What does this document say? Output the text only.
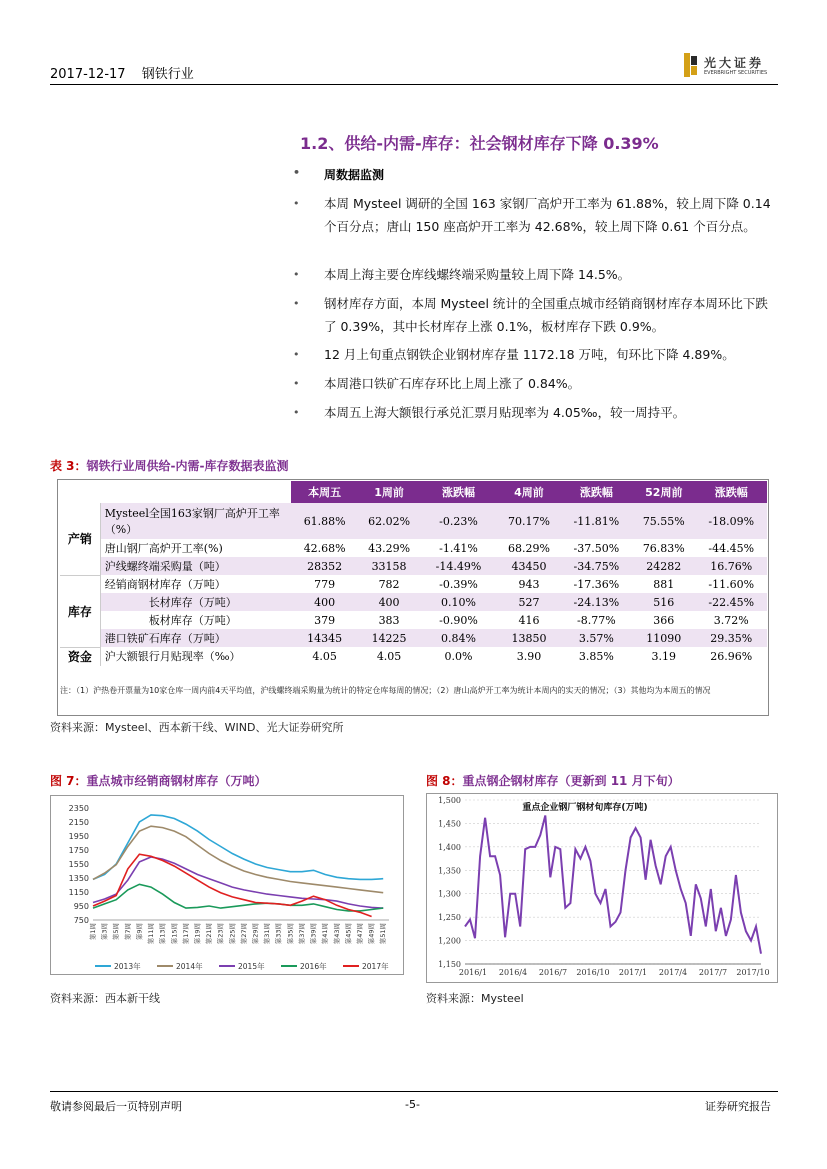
2017-12-17 钢铁行业
光大证券
EVERBRIGHT SECURITIES
1.2、供给-内需-库存：社会钢材库存下降 0.39%
• 周数据监测
• 本周 Mysteel 调研的全国 163 家钢厂高炉开工率为 61.88%，较上周下降 0.14 个百分点；唐山 150 座高炉开工率为 42.68%，较上周下降 0.61 个百分点。
• 本周上海主要仓库线螺终端采购量较上周下降 14.5%。
• 钢材库存方面，本周 Mysteel 统计的全国重点城市经销商钢材库存本周环比下跌了 0.39%，其中长材库存上涨 0.1%，板材库存下跌 0.9%。
• 12 月上旬重点钢铁企业钢材库存量 1172.18 万吨，旬环比下降 4.89%。
• 本周港口铁矿石库存环比上周上涨了 0.84%。
• 本周五上海大额银行承兑汇票月贴现率为 4.05‰，较一周持平。
表 3：钢铁行业周供给-内需-库存数据表监测
		本周五	1周前	涨跌幅	4周前	涨跌幅	52周前	涨跌幅
产销	Mysteel全国163家钢厂高炉开工率（%）	61.88%	62.02%	-0.23%	70.17%	-11.81%	75.55%	-18.09%
	唐山钢厂高炉开工率(%)	42.68%	43.29%	-1.41%	68.29%	-37.50%	76.83%	-44.45%
	沪线螺终端采购量（吨）	28352	33158	-14.49%	43450	-34.75%	24282	16.76%
库存	经销商钢材库存（万吨）	779	782	-0.39%	943	-17.36%	881	-11.60%
	长材库存（万吨）	400	400	0.10%	527	-24.13%	516	-22.45%
	板材库存（万吨）	379	383	-0.90%	416	-8.77%	366	3.72%
	港口铁矿石库存（万吨）	14345	14225	0.84%	13850	3.57%	11090	29.35%
资金	沪大额银行月贴现率（‰）	4.05	4.05	0.0%	3.90	3.85%	3.19	26.96%
注：（1）沪热卷开票量为10家仓库一周内前4天平均值，沪线螺终端采购量为统计的特定仓库每周的情况；（2）唐山高炉开工率为统计本周内的实天的情况；（3）其他均为本周五的情况
资料来源：Mysteel、西本新干线、WIND、光大证券研究所
图 7：重点城市经销商钢材库存（万吨）
750
950
1150
1350
1550
1750
1950
2150
2350
第1周 第3周 第5周 第7周 第9周 第11周 第13周 第15周 第17周 第19周 第21周 第23周 第25周 第27周 第29周 第31周 第33周 第35周 第37周 第39周 第41周 第43周 第45周 第47周 第49周 第51周
2013年	2014年	2015年	2016年	2017年
资料来源：西本新干线
图 8：重点钢企钢材库存（更新到 11 月下旬）
1,150
1,200
1,250
1,300
1,350
1,400
1,450
1,500
2016/1 2016/4 2016/7 2016/10 2017/1 2017/4 2017/7 2017/10
重点企业钢厂钢材旬库存(万吨)
资料来源：Mysteel
敬请参阅最后一页特别声明	-5-	证券研究报告
